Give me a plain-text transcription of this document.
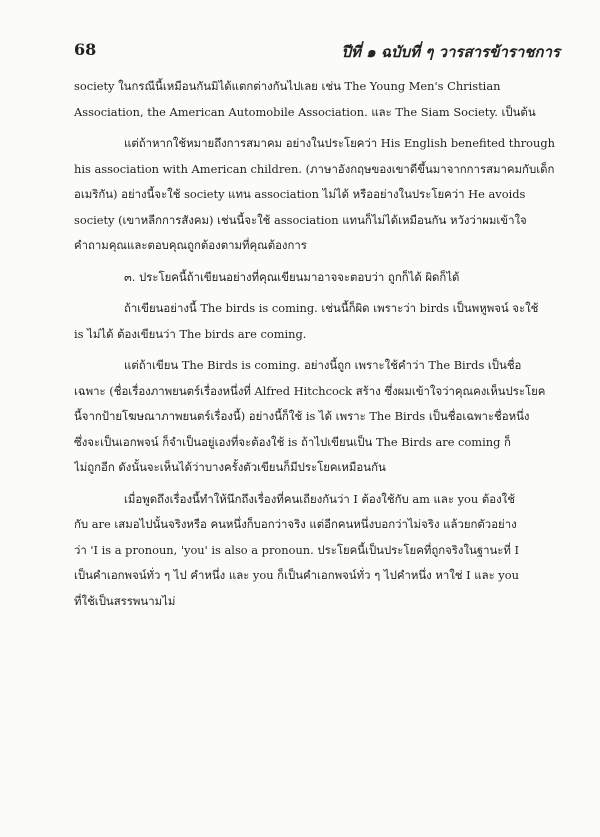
68	ปีที่ ๑ ฉบับที่ ๆ วารสารข้าราชการ

society ในกรณีนี้เหมือนกันมิได้แตกต่างกันไปเลย เช่น The Young Men's Christian

Association, the American Automobile Association. และ The Siam Society. เป็นต้น

แต่ถ้าหากใช้หมายถึงการสมาคม อย่างในประโยคว่า His English benefited through

his association with American children. (ภาษาอังกฤษของเขาดีขึ้นมาจากการสมาคมกับเด็ก

อเมริกัน) อย่างนี้จะใช้ society แทน association ไม่ได้ หรืออย่างในประโยคว่า He avoids

society (เขาหลีกการสังคม) เช่นนี้จะใช้ association แทนก็ไม่ได้เหมือนกัน หวังว่าผมเข้าใจ

คำถามคุณและตอบคุณถูกต้องตามที่คุณต้องการ

๓. ประโยคนี้ถ้าเขียนอย่างที่คุณเขียนมาอาจจะตอบว่า ถูกก็ได้ ผิดก็ได้

ถ้าเขียนอย่างนี้ The birds is coming. เช่นนี้ก็ผิด เพราะว่า birds เป็นพหูพจน์ จะใช้

is ไม่ได้ ต้องเขียนว่า The birds are coming.

แต่ถ้าเขียน The Birds is coming. อย่างนี้ถูก เพราะใช้คำว่า The Birds เป็นชื่อ

เฉพาะ (ชื่อเรื่องภาพยนตร์เรื่องหนึ่งที่ Alfred Hitchcock สร้าง ซึ่งผมเข้าใจว่าคุณคงเห็นประโยค

นี้จากป้ายโฆษณาภาพยนตร์เรื่องนี้) อย่างนี้ก็ใช้ is ได้ เพราะ The Birds เป็นชื่อเฉพาะชื่อหนึ่ง

ซึ่งจะเป็นเอกพจน์ ก็จำเป็นอยู่เองที่จะต้องใช้ is ถ้าไปเขียนเป็น The Birds are coming ก็

ไม่ถูกอีก ดังนั้นจะเห็นได้ว่าบางครั้งตัวเขียนก็มีประโยคเหมือนกัน

เมื่อพูดถึงเรื่องนี้ทำให้นึกถึงเรื่องที่คนเถียงกันว่า I ต้องใช้กับ am และ you ต้องใช้

กับ are เสมอไปนั้นจริงหรือ คนหนึ่งก็บอกว่าจริง แต่อีกคนหนึ่งบอกว่าไม่จริง แล้วยกตัวอย่าง

ว่า 'I is a pronoun, 'you' is also a pronoun. ประโยคนี้เป็นประโยคที่ถูกจริงในฐานะที่ I

เป็นคำเอกพจน์ทั่ว ๆ ไป คำหนึ่ง และ you ก็เป็นคำเอกพจน์ทั่ว ๆ ไปคำหนึ่ง หาใช่ I และ you

ที่ใช้เป็นสรรพนามไม่
